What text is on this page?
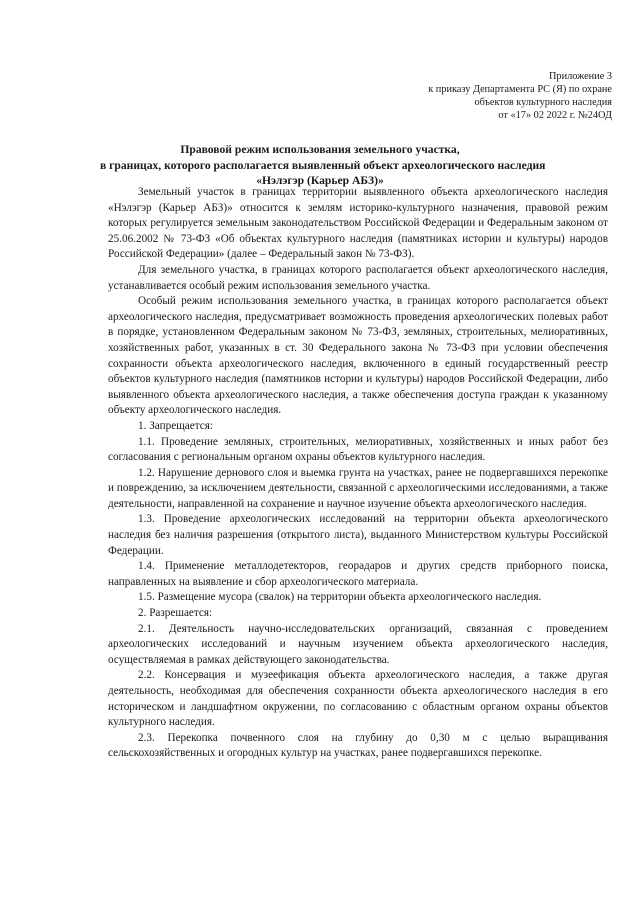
Приложение 3
к приказу Департамента РС (Я) по охране
объектов культурного наследия
от «17» 02 2022 г. №24ОД
Правовой режим использования земельного участка,
в границах, которого располагается выявленный объект археологического наследия
«Нэлэгэр (Карьер АБЗ)»

Земельный участок в границах территории выявленного объекта археологического наследия «Нэлэгэр (Карьер АБЗ)» относится к землям историко-культурного назначения, правовой режим которых регулируется земельным законодательством Российской Федерации и Федеральным законом от 25.06.2002 № 73-ФЗ «Об объектах культурного наследия (памятниках истории и культуры) народов Российской Федерации» (далее – Федеральный закон № 73-ФЗ).

Для земельного участка, в границах которого располагается объект археологического наследия, устанавливается особый режим использования земельного участка.

Особый режим использования земельного участка, в границах которого располагается объект археологического наследия, предусматривает возможность проведения археологических полевых работ в порядке, установленном Федеральным законом № 73-ФЗ, земляных, строительных, мелиоративных, хозяйственных работ, указанных в ст. 30 Федерального закона № 73-ФЗ при условии обеспечения сохранности объекта археологического наследия, включенного в единый государственный реестр объектов культурного наследия (памятников истории и культуры) народов Российской Федерации, либо выявленного объекта археологического наследия, а также обеспечения доступа граждан к указанному объекту археологического наследия.

1. Запрещается:

1.1. Проведение земляных, строительных, мелиоративных, хозяйственных и иных работ без согласования с региональным органом охраны объектов культурного наследия.

1.2. Нарушение дернового слоя и выемка грунта на участках, ранее не подвергавшихся перекопке и повреждению, за исключением деятельности, связанной с археологическими исследованиями, а также деятельности, направленной на сохранение и научное изучение объекта археологического наследия.

1.3. Проведение археологических исследований на территории объекта археологического наследия без наличия разрешения (открытого листа), выданного Министерством культуры Российской Федерации.

1.4. Применение металлодетекторов, георадаров и других средств приборного поиска, направленных на выявление и сбор археологического материала.

1.5. Размещение мусора (свалок) на территории объекта археологического наследия.

2. Разрешается:

2.1. Деятельность научно-исследовательских организаций, связанная с проведением археологических исследований и научным изучением объекта археологического наследия, осуществляемая в рамках действующего законодательства.

2.2. Консервация и музеефикация объекта археологического наследия, а также другая деятельность, необходимая для обеспечения сохранности объекта археологического наследия в его историческом и ландшафтном окружении, по согласованию с областным органом охраны объектов культурного наследия.

2.3. Перекопка почвенного слоя на глубину до 0,30 м с целью выращивания сельскохозяйственных и огородных культур на участках, ранее подвергавшихся перекопке.
